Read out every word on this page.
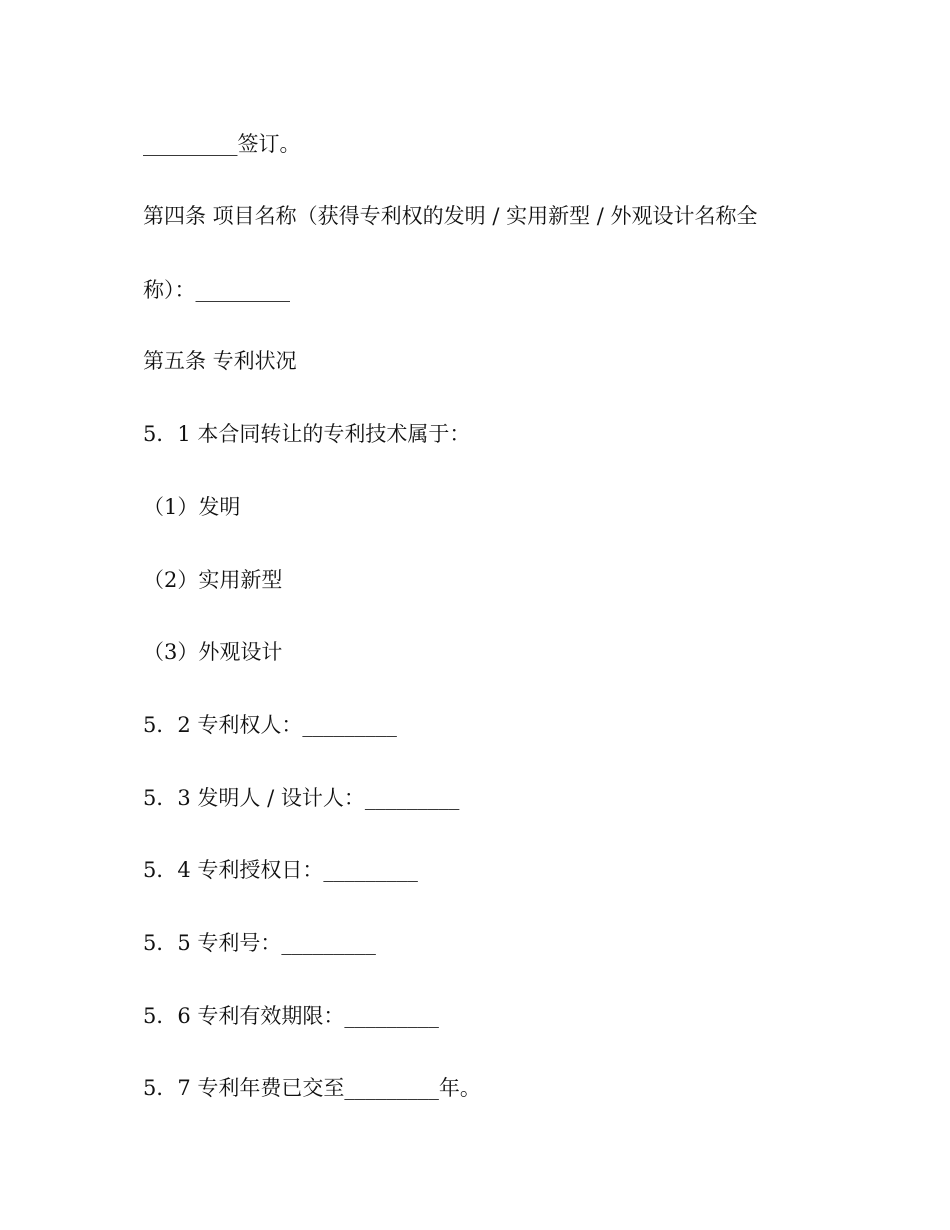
_________签订。
第四条 项目名称（获得专利权的发明 / 实用新型 / 外观设计名称全
称）：_________
第五条 专利状况
5．1 本合同转让的专利技术属于：
（1）发明
（2）实用新型
（3）外观设计
5．2 专利权人：_________
5．3 发明人 / 设计人：_________
5．4 专利授权日：_________
5．5 专利号：_________
5．6 专利有效期限：_________
5．7 专利年费已交至_________年。
